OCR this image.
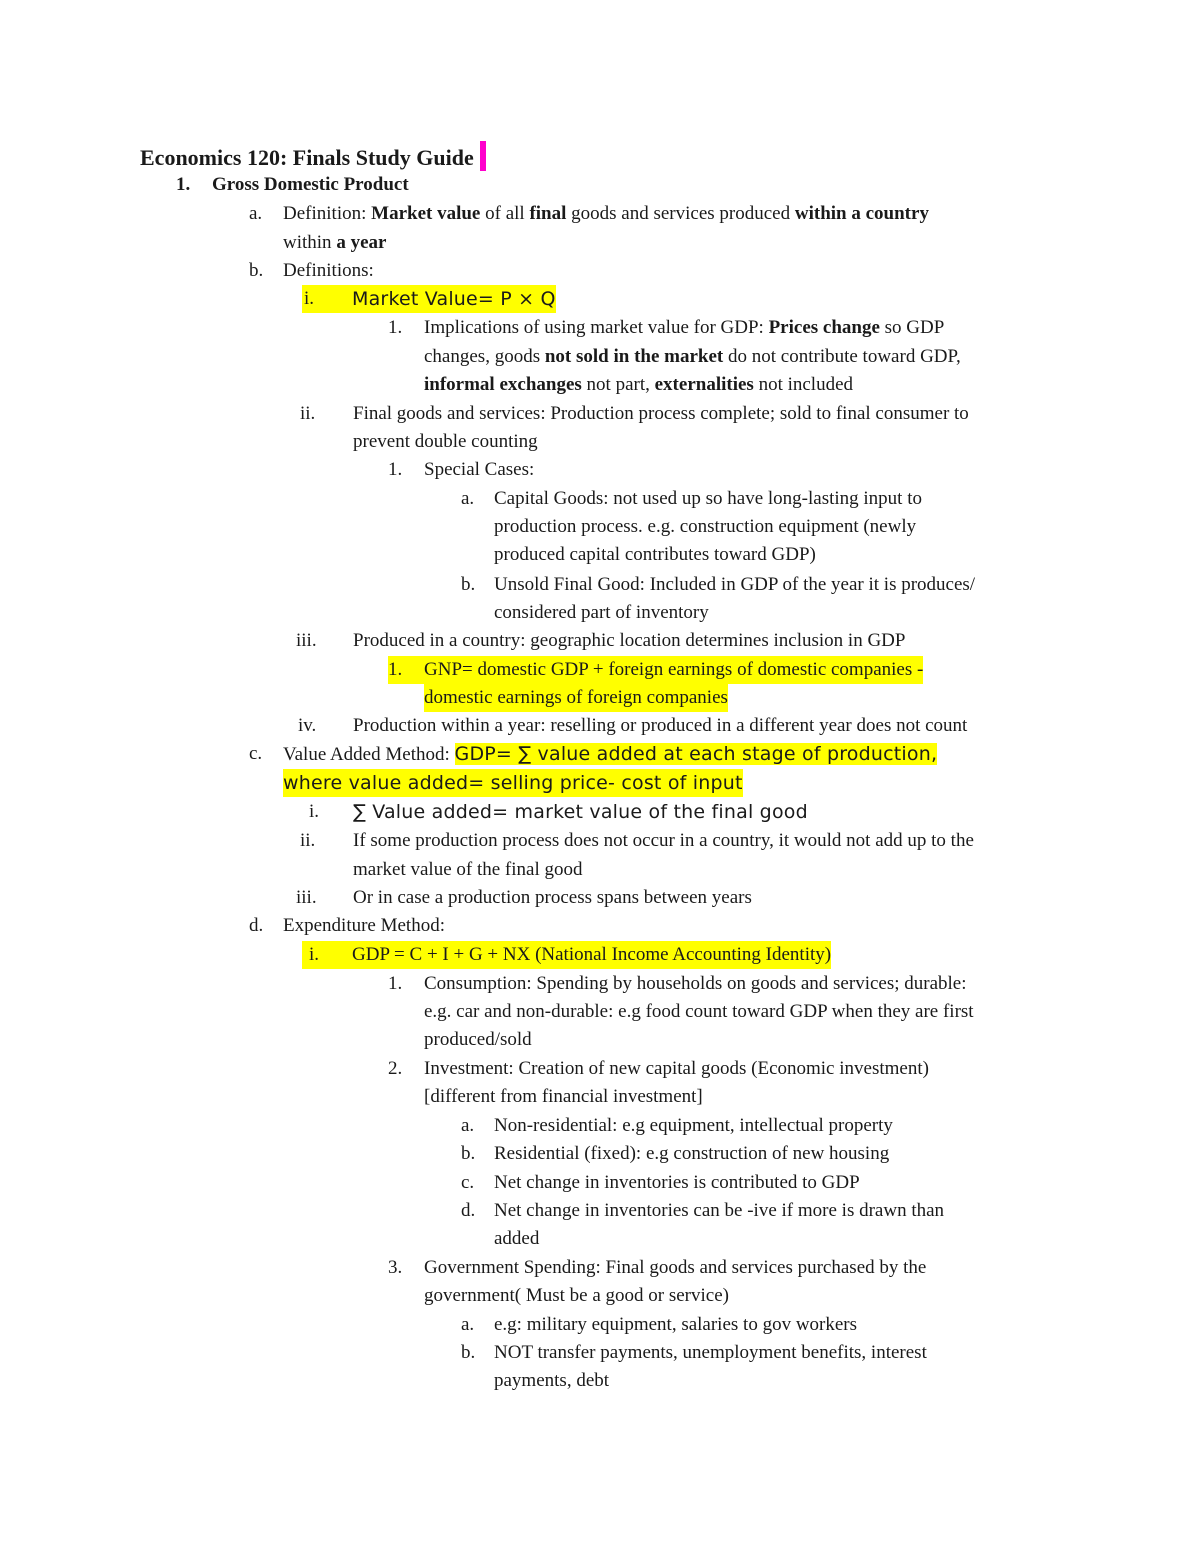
Economics 120: Finals Study Guide
1. Gross Domestic Product
a. Definition: Market value of all final goods and services produced within a country
within a year
b. Definitions:
i.	Market Value= P × Q
1. Implications of using market value for GDP: Prices change so GDP
changes, goods not sold in the market do not contribute toward GDP,
informal exchanges not part, externalities not included
ii. Final goods and services: Production process complete; sold to final consumer to
prevent double counting
1. Special Cases:
a. Capital Goods: not used up so have long-lasting input to
production process. e.g. construction equipment (newly
produced capital contributes toward GDP)
b. Unsold Final Good: Included in GDP of the year it is produces/
considered part of inventory
iii. Produced in a country: geographic location determines inclusion in GDP
1.	GNP= domestic GDP + foreign earnings of domestic companies -
domestic earnings of foreign companies
iv. Production within a year: reselling or produced in a different year does not count
c. Value Added Method: GDP= ∑ value added at each stage of production,
where value added= selling price- cost of input
i. ∑ Value added= market value of the final good
ii. If some production process does not occur in a country, it would not add up to the
market value of the final good
iii. Or in case a production process spans between years
d. Expenditure Method:
i.	GDP = C + I + G + NX (National Income Accounting Identity)
1. Consumption: Spending by households on goods and services; durable:
e.g. car and non-durable: e.g food count toward GDP when they are first
produced/sold
2. Investment: Creation of new capital goods (Economic investment)
[different from financial investment]
a. Non-residential: e.g equipment, intellectual property
b. Residential (fixed): e.g construction of new housing
c. Net change in inventories is contributed to GDP
d. Net change in inventories can be -ive if more is drawn than
added
3. Government Spending: Final goods and services purchased by the
government( Must be a good or service)
a. e.g: military equipment, salaries to gov workers
b. NOT transfer payments, unemployment benefits, interest
payments, debt
